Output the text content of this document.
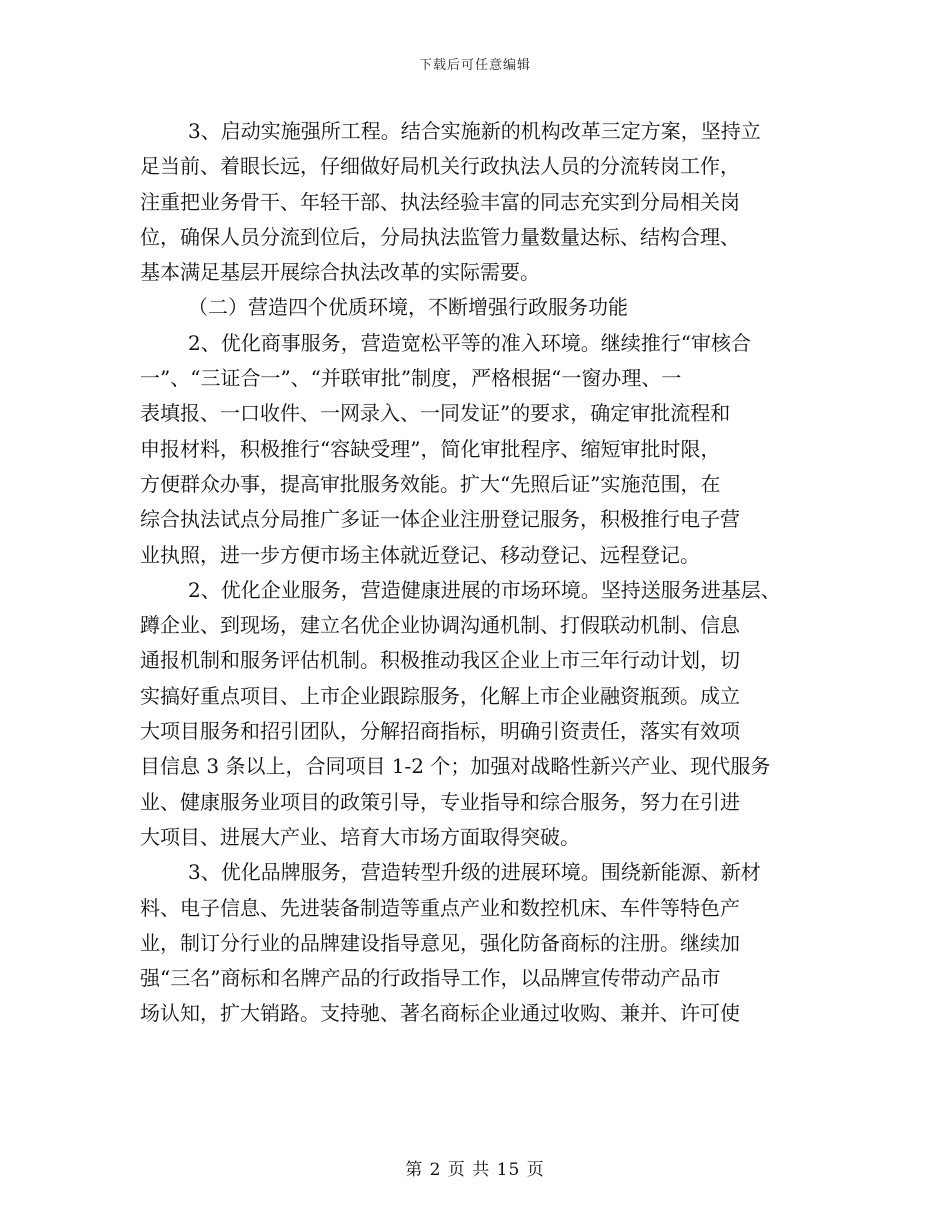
下载后可任意编辑

3、启动实施强所工程。结合实施新的机构改革三定方案，坚持立
足当前、着眼长远，仔细做好局机关行政执法人员的分流转岗工作，
注重把业务骨干、年轻干部、执法经验丰富的同志充实到分局相关岗
位，确保人员分流到位后，分局执法监管力量数量达标、结构合理、
基本满足基层开展综合执法改革的实际需要。

（二）营造四个优质环境，不断增强行政服务功能

2、优化商事服务，营造宽松平等的准入环境。继续推行“审核合
一”、“三证合一”、“并联审批”制度，严格根据“一窗办理、一
表填报、一口收件、一网录入、一同发证”的要求，确定审批流程和
申报材料，积极推行“容缺受理”，简化审批程序、缩短审批时限，
方便群众办事，提高审批服务效能。扩大“先照后证”实施范围，在
综合执法试点分局推广多证一体企业注册登记服务，积极推行电子营
业执照，进一步方便市场主体就近登记、移动登记、远程登记。

2、优化企业服务，营造健康进展的市场环境。坚持送服务进基层、
蹲企业、到现场，建立名优企业协调沟通机制、打假联动机制、信息
通报机制和服务评估机制。积极推动我区企业上市三年行动计划，切
实搞好重点项目、上市企业跟踪服务，化解上市企业融资瓶颈。成立
大项目服务和招引团队，分解招商指标，明确引资责任，落实有效项
目信息 3 条以上，合同项目 1-2 个；加强对战略性新兴产业、现代服务
业、健康服务业项目的政策引导，专业指导和综合服务，努力在引进
大项目、进展大产业、培育大市场方面取得突破。

3、优化品牌服务，营造转型升级的进展环境。围绕新能源、新材
料、电子信息、先进装备制造等重点产业和数控机床、车件等特色产
业，制订分行业的品牌建设指导意见，强化防备商标的注册。继续加
强“三名”商标和名牌产品的行政指导工作，以品牌宣传带动产品市
场认知，扩大销路。支持驰、著名商标企业通过收购、兼并、许可使

第 2 页 共 15 页
